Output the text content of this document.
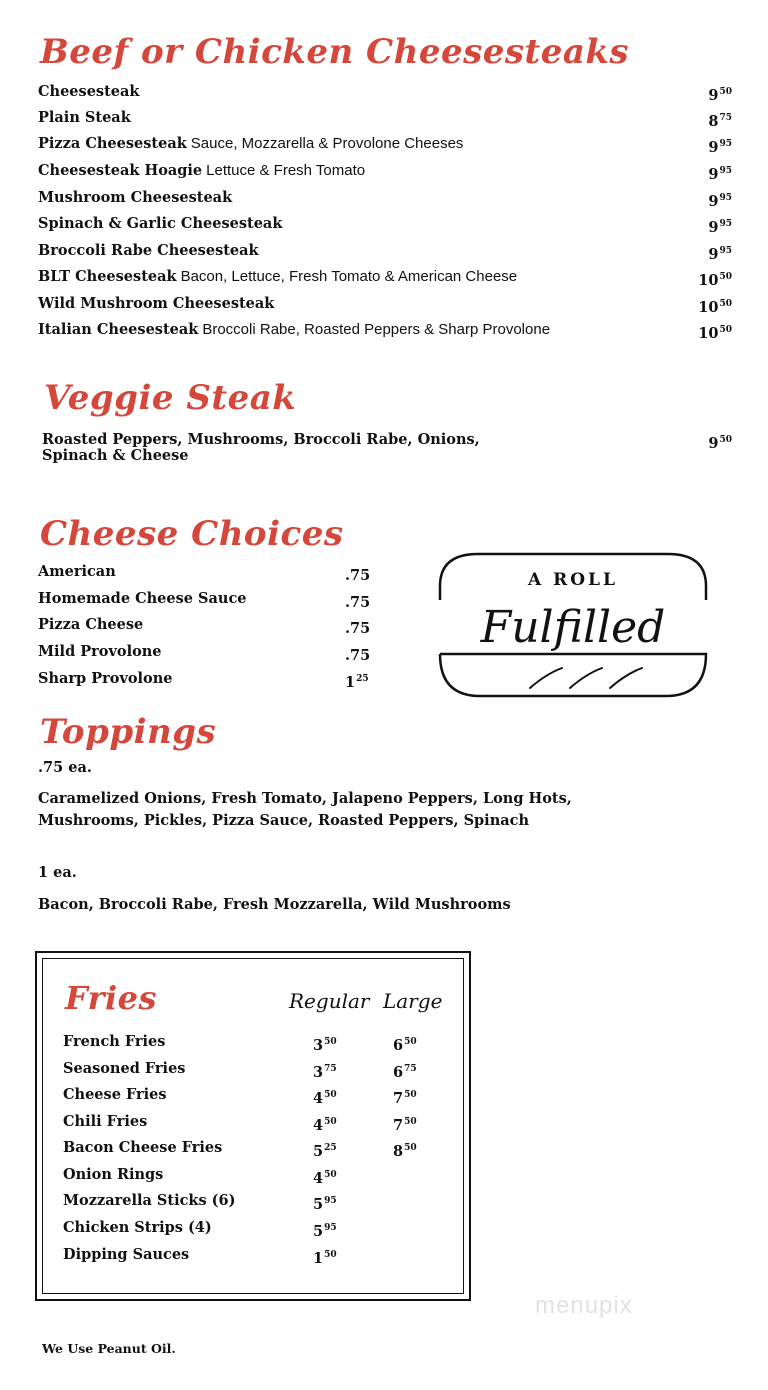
Beef or Chicken Cheesesteaks
Cheesesteak	$9^{50}$
Plain Steak	$8^{75}$
Pizza Cheesesteak Sauce, Mozzarella & Provolone Cheeses	$9^{95}$
Cheesesteak Hoagie Lettuce & Fresh Tomato	$9^{95}$
Mushroom Cheesesteak	$9^{95}$
Spinach & Garlic Cheesesteak	$9^{95}$
Broccoli Rabe Cheesesteak	$9^{95}$
BLT Cheesesteak Bacon, Lettuce, Fresh Tomato & American Cheese	$10^{50}$
Wild Mushroom Cheesesteak	$10^{50}$
Italian Cheesesteak Broccoli Rabe, Roasted Peppers & Sharp Provolone	$10^{50}$
Veggie Steak
Roasted Peppers, Mushrooms, Broccoli Rabe, Onions,
Spinach & Cheese
$9^{50}$
Cheese Choices
American	.75
Homemade Cheese Sauce	.75
Pizza Cheese	.75
Mild Provolone	.75
Sharp Provolone	$1^{25}$
A ROLL
Fulfilled
Toppings
.75 ea.
Caramelized Onions, Fresh Tomato, Jalapeno Peppers, Long Hots,
Mushrooms, Pickles, Pizza Sauce, Roasted Peppers, Spinach
1 ea.
Bacon, Broccoli Rabe, Fresh Mozzarella, Wild Mushrooms
Fries	Regular Large
French Fries	$3^{50}$	$6^{50}$
Seasoned Fries	$3^{75}$	$6^{75}$
Cheese Fries	$4^{50}$	$7^{50}$
Chili Fries	$4^{50}$	$7^{50}$
Bacon Cheese Fries	$5^{25}$	$8^{50}$
Onion Rings	$4^{50}$
Mozzarella Sticks (6)	$5^{95}$
Chicken Strips (4)	$5^{95}$
Dipping Sauces	$1^{50}$
menupix
We Use Peanut Oil.
